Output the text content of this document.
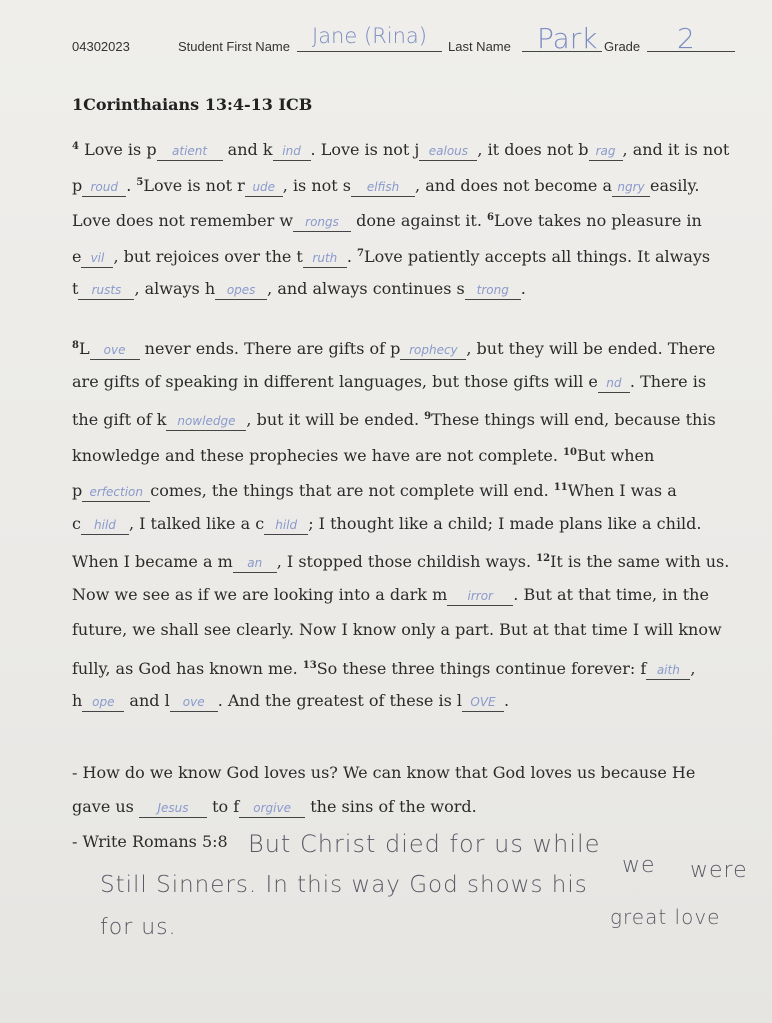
04302023	Student First Name Jane (Rina) Last Name Park Grade 2
1Corinthaians 13:4-13 ICB
$^4$ Love is p atient and k ind . Love is not j ealous , it does not b rag , and it is not
p roud . $^5$Love is not r ude , is not s elfish , and does not become a ngry easily.
Love does not remember w rongs done against it. $^6$Love takes no pleasure in
e vil , but rejoices over the t ruth . $^7$Love patiently accepts all things. It always
t rusts , always h opes , and always continues s trong .
$^8$L ove never ends. There are gifts of p rophecy , but they will be ended. There
are gifts of speaking in different languages, but those gifts will e nd . There is
the gift of k nowledge , but it will be ended. $^9$These things will end, because this
knowledge and these prophecies we have are not complete. $^{10}$But when
p erfection comes, the things that are not complete will end. $^{11}$When I was a
c hild , I talked like a c hild ; I thought like a child; I made plans like a child.
When I became a m an , I stopped those childish ways. $^{12}$It is the same with us.
Now we see as if we are looking into a dark m irror . But at that time, in the
future, we shall see clearly. Now I know only a part. But at that time I will know
fully, as God has known me. $^{13}$So these three things continue forever: f aith ,
h ope and l ove . And the greatest of these is l OVE .
- How do we know God loves us? We can know that God loves us because He
gave us Jesus to f orgive the sins of the word.
- Write Romans 5:8 But Christ died for us while
we were
Still Sinners. In this way God shows his
great love
for us.
